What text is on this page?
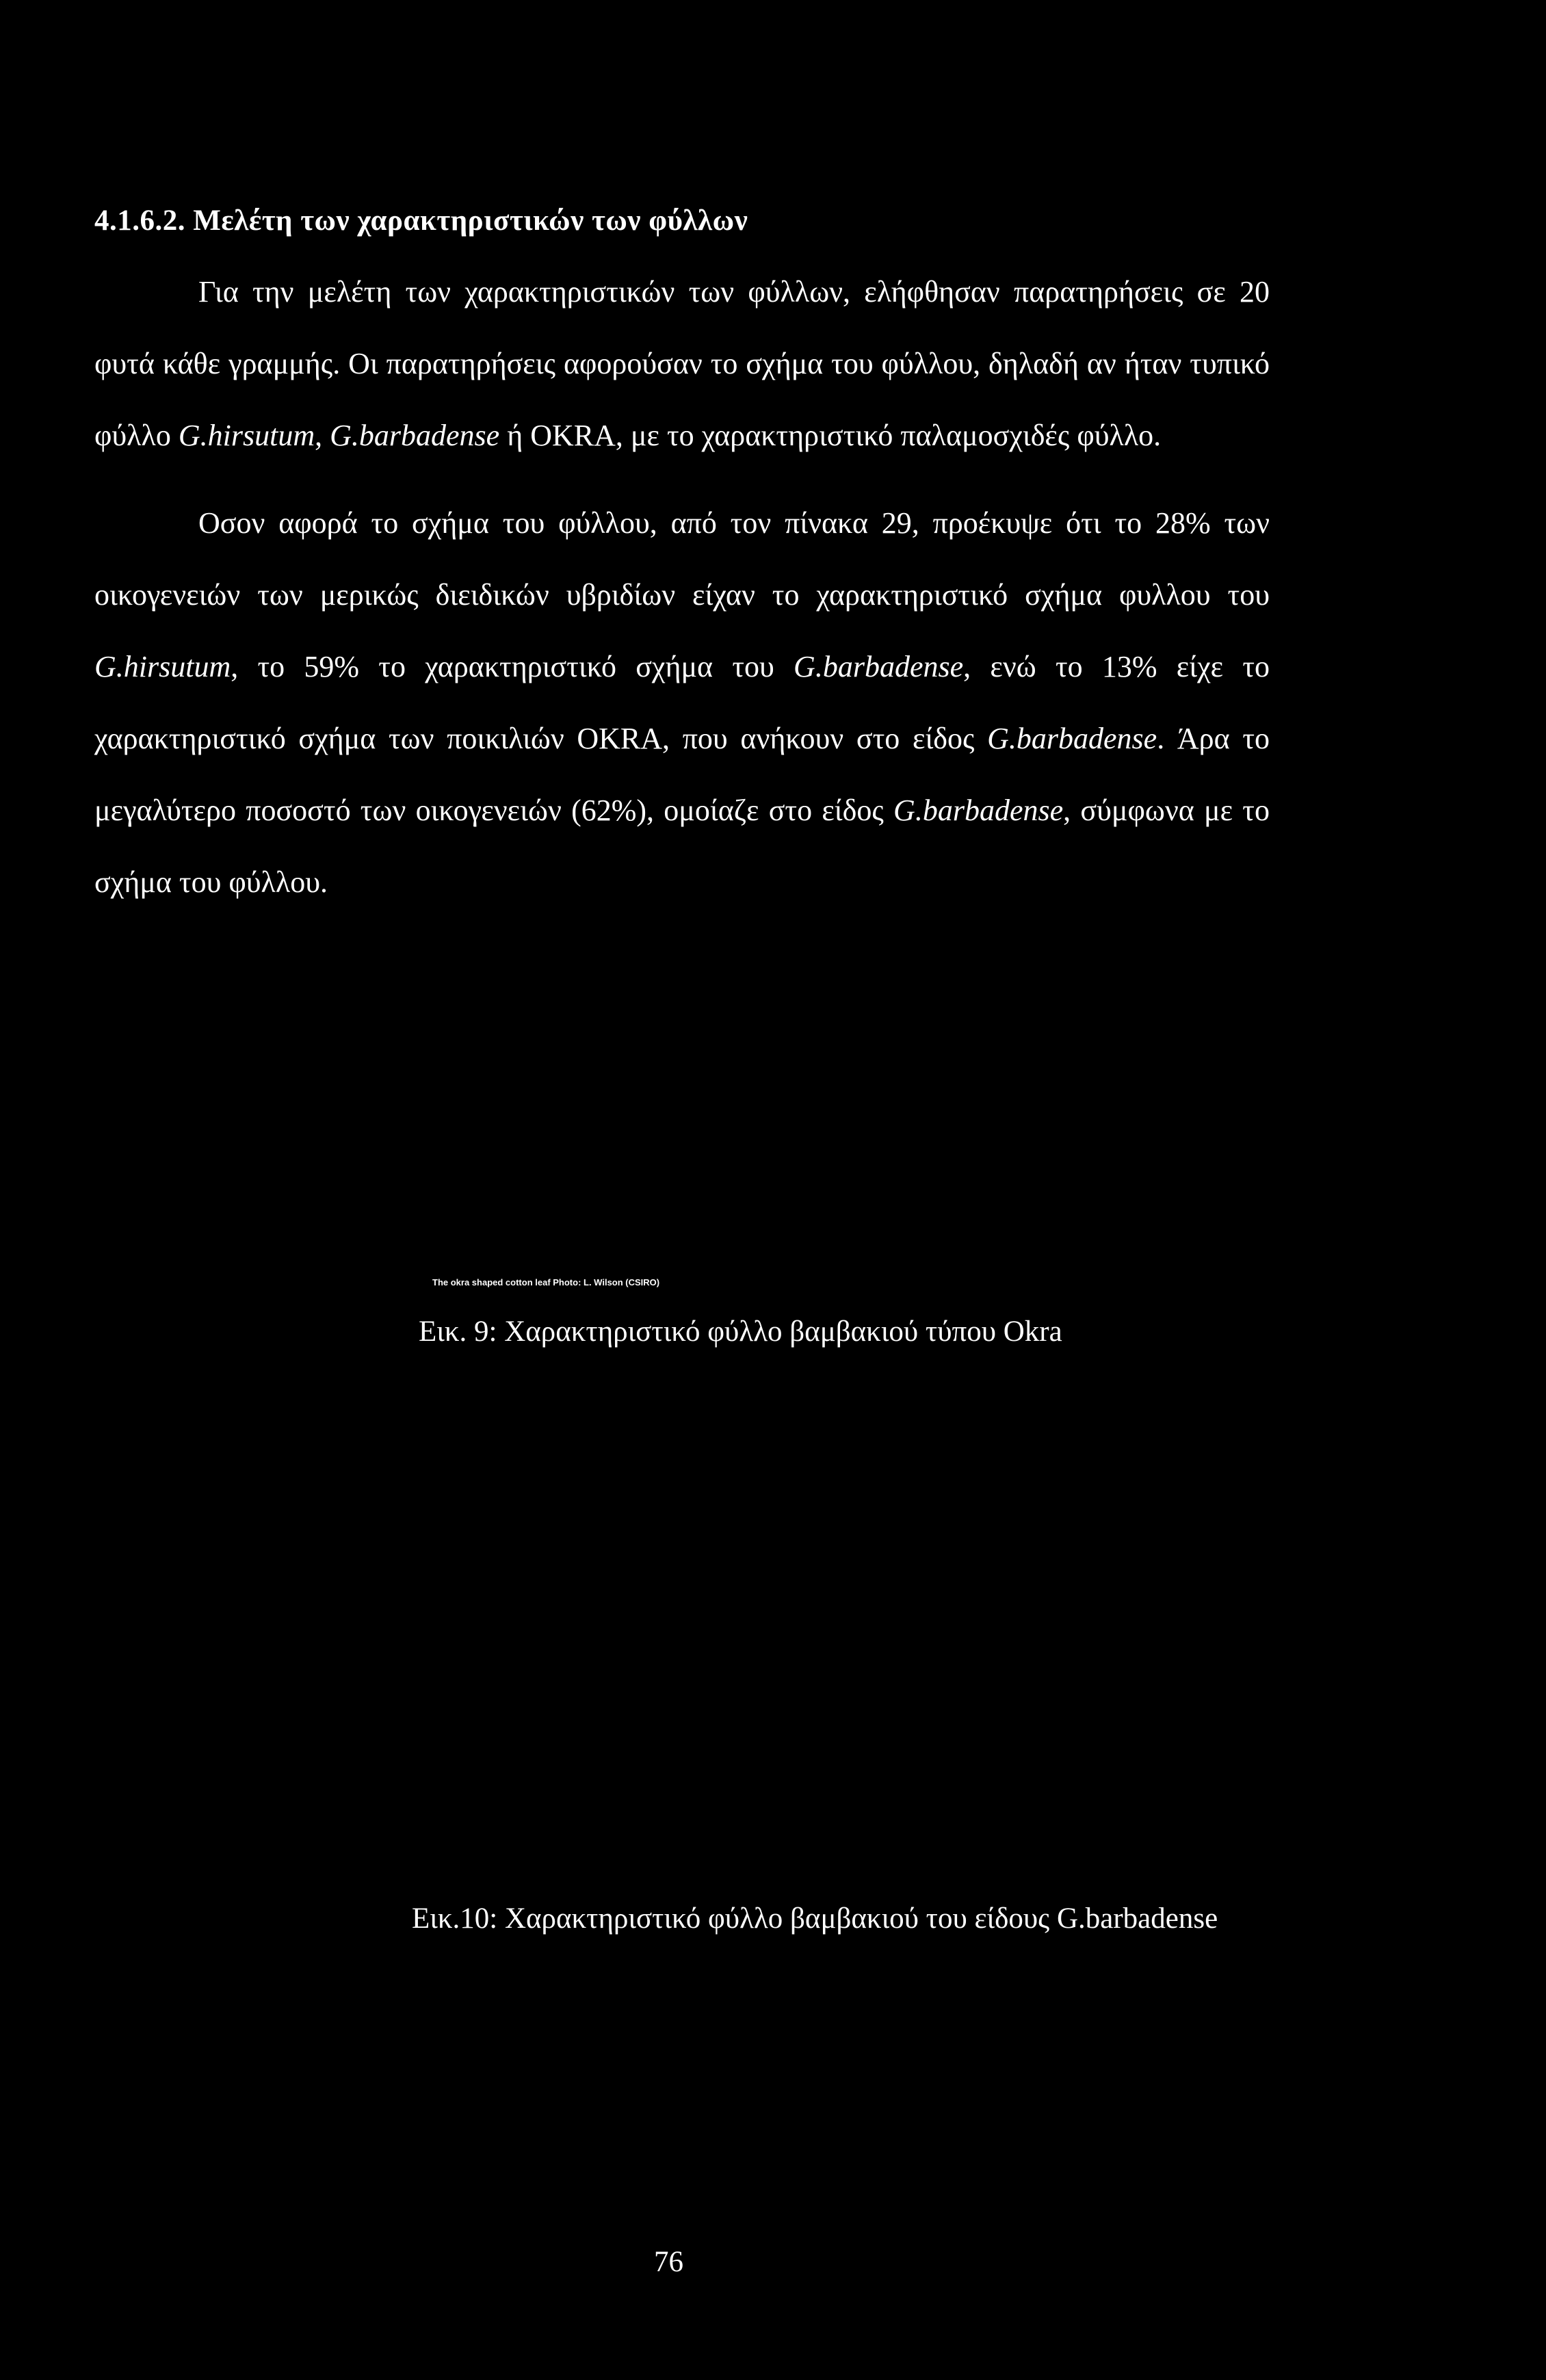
4.1.6.2. Μελέτη των χαρακτηριστικών των φύλλων
Για την μελέτη των χαρακτηριστικών των φύλλων, ελήφθησαν παρατηρήσεις σε 20 φυτά κάθε γραμμής. Οι παρατηρήσεις αφορούσαν το σχήμα του φύλλου, δηλαδή αν ήταν τυπικό φύλλο G.hirsutum, G.barbadense ή OKRA, με το χαρακτηριστικό παλαμοσχιδές φύλλο.
Οσον αφορά το σχήμα του φύλλου, από τον πίνακα 29, προέκυψε ότι το 28% των οικογενειών των μερικώς διειδικών υβριδίων είχαν το χαρακτηριστικό σχήμα φυλλου του G.hirsutum, το 59% το χαρακτηριστικό σχήμα του G.barbadense, ενώ το 13% είχε το χαρακτηριστικό σχήμα των ποικιλιών OKRA, που ανήκουν στο είδος G.barbadense. Άρα το μεγαλύτερο ποσοστό των οικογενειών (62%), ομοίαζε στο είδος G.barbadense, σύμφωνα με το σχήμα του φύλλου.
The okra shaped cotton leaf Photo: L. Wilson (CSIRO)
Εικ. 9: Χαρακτηριστικό φύλλο βαμβακιού τύπου Okra
Εικ.10: Χαρακτηριστικό φύλλο βαμβακιού του είδους G.barbadense
76
